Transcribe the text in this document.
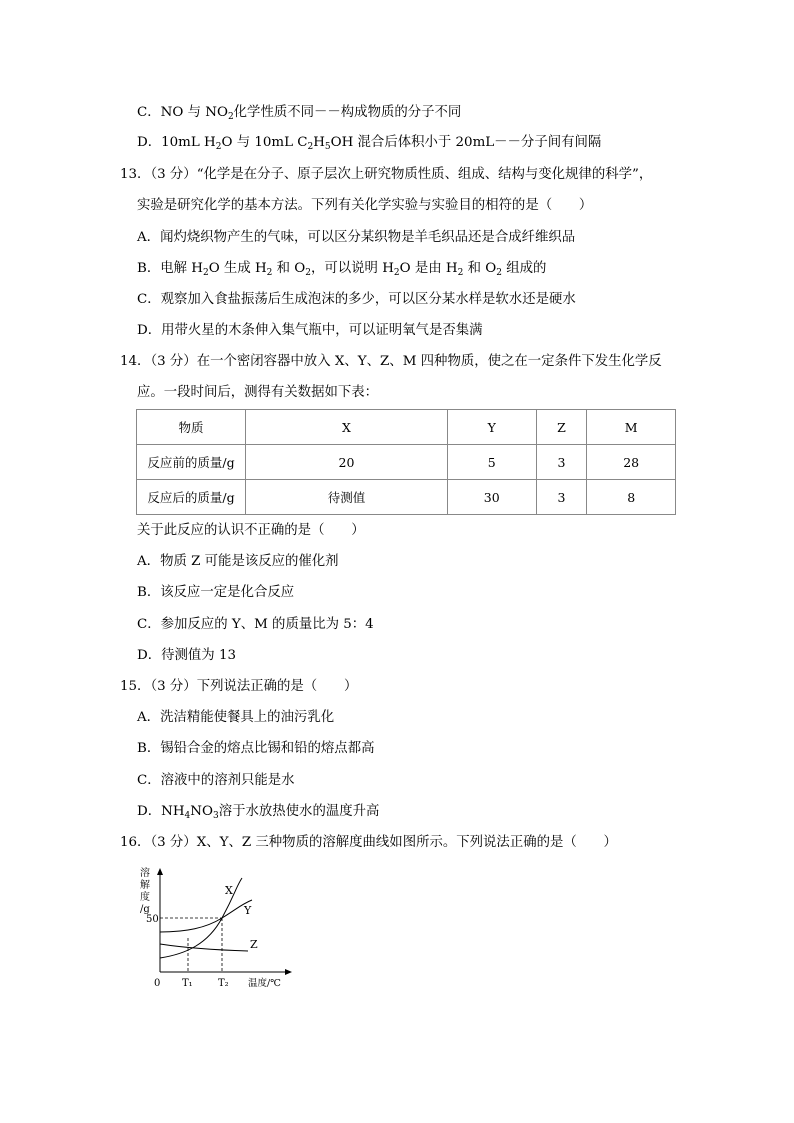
C．NO 与 $NO_2$化学性质不同－－构成物质的分子不同
D．10mL $H_2O$ 与 10mL $C_2H_5OH$ 混合后体积小于 20mL－－分子间有间隔
13．（3 分）“化学是在分子、原子层次上研究物质性质、组成、结构与变化规律的科学”，
实验是研究化学的基本方法。下列有关化学实验与实验目的相符的是（　　）
A．闻灼烧织物产生的气味，可以区分某织物是羊毛织品还是合成纤维织品
B．电解 $H_2O$ 生成 $H_2$ 和 $O_2$，可以说明 $H_2O$ 是由 $H_2$ 和 $O_2$ 组成的
C．观察加入食盐振荡后生成泡沫的多少，可以区分某水样是软水还是硬水
D．用带火星的木条伸入集气瓶中，可以证明氧气是否集满
14．（3 分）在一个密闭容器中放入 X、Y、Z、M 四种物质，使之在一定条件下发生化学反
应。一段时间后，测得有关数据如下表：
物质	X	Y	Z	M
反应前的质量/g	20	5	3	28
反应后的质量/g	待测值	30	3	8
关于此反应的认识不正确的是（　　）
A．物质 Z 可能是该反应的催化剂
B．该反应一定是化合反应
C．参加反应的 Y、M 的质量比为 5：4
D．待测值为 13
15．（3 分）下列说法正确的是（　　）
A．洗洁精能使餐具上的油污乳化
B．锡铅合金的熔点比锡和铅的熔点都高
C．溶液中的溶剂只能是水
D．$NH_4NO_3$溶于水放热使水的温度升高
16．（3 分）X、Y、Z 三种物质的溶解度曲线如图所示。下列说法正确的是（　　）
溶
解
度
/g
50
0 T₁	T₂ 温度/℃
X
Y
Z
